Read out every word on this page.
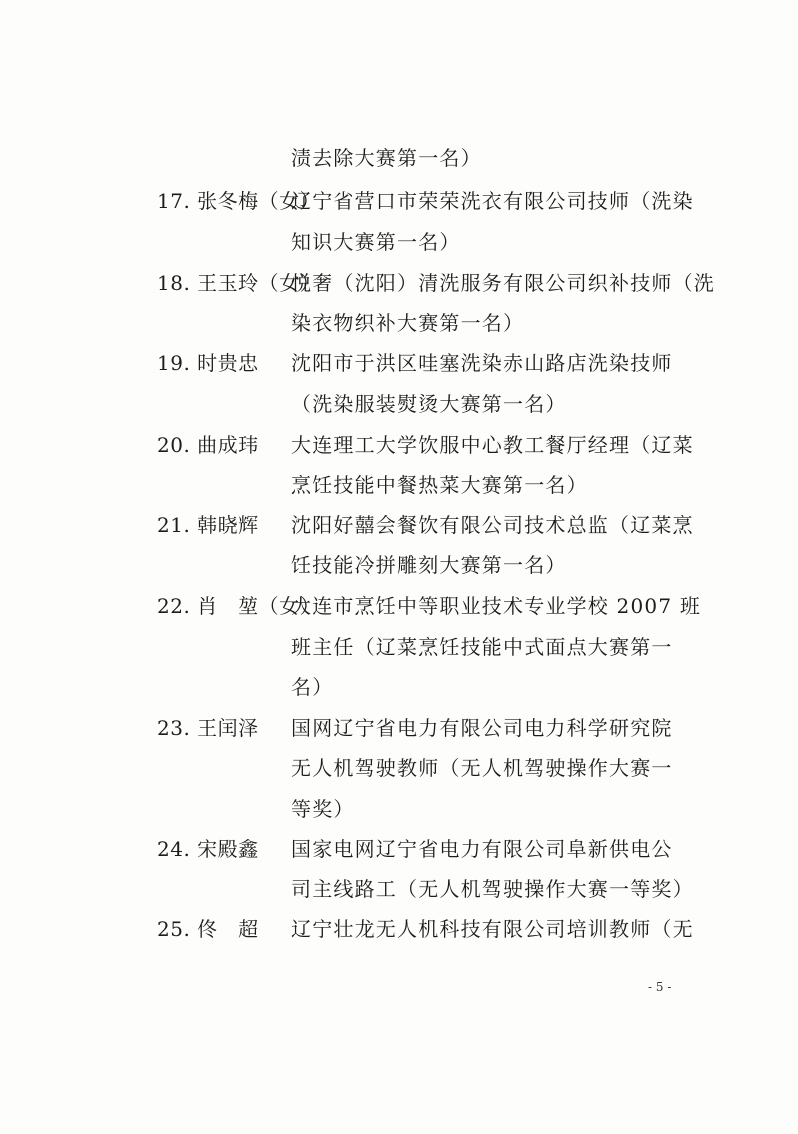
渍去除大赛第一名）
17. 张冬梅（女）
辽宁省营口市荣荣洗衣有限公司技师（洗染
知识大赛第一名）
18. 王玉玲（女）
悦奢（沈阳）清洗服务有限公司织补技师（洗
染衣物织补大赛第一名）
19. 时贵忠 沈阳市于洪区哇塞洗染赤山路店洗染技师
（洗染服装熨烫大赛第一名）
20. 曲成玮 大连理工大学饮服中心教工餐厅经理（辽菜
烹饪技能中餐热菜大赛第一名）
21. 韩晓辉 沈阳好囍会餐饮有限公司技术总监（辽菜烹
饪技能冷拼雕刻大赛第一名）
22. 肖　堃（女）
大连市烹饪中等职业技术专业学校 2007 班
班主任（辽菜烹饪技能中式面点大赛第一
名）
23. 王闰泽 国网辽宁省电力有限公司电力科学研究院
无人机驾驶教师（无人机驾驶操作大赛一
等奖）
24. 宋殿鑫 国家电网辽宁省电力有限公司阜新供电公
司主线路工（无人机驾驶操作大赛一等奖）
25. 佟　超 辽宁壮龙无人机科技有限公司培训教师（无
- 5 -
